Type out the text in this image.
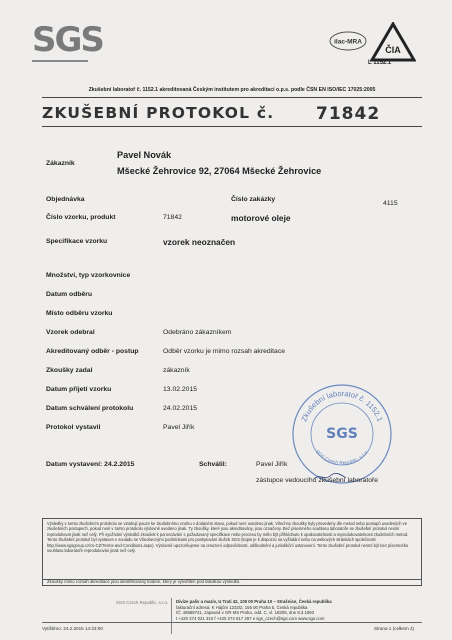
SGS	ilac-MRA
ČIA
L 1152.1
Zkušební laboratoř č. 1152.1 akreditovaná Českým institutem pro akreditaci o.p.s. podle ČSN EN ISO/IEC 17025:2005
ZKUŠEBNÍ PROTOKOL č. 71842
Zákazník
Pavel Novák
Mšecké Žehrovice 92, 27064 Mšecké Žehrovice
Objednávka	Číslo zakázky
4115
Číslo vzorku, produkt	71842	motorové oleje
Specifikace vzorku	vzorek neoznačen
Množství, typ vzorkovnice
Datum odběru
Místo odběru vzorku
Vzorek odebral	Odebráno zákazníkem
Akreditovaný odběr - postup	Odběr vzorku je mimo rozsah akreditace
Zkoušky zadal	zákazník
Datum přijetí vzorku	13.02.2015
Datum schválení protokolu	24.02.2015
Protokol vystavil	Pavel Jiřík
Zkušební laboratoř č. 1152.1
SGS
SGS Czech Republic, s.r.o.
Datum vystavení: 24.2.2015	Schválil:	Pavel Jiřík
zástupce vedoucího zkušební laboratoře
Výsledky v tomto zkušebním protokolu se vztahují pouze ke zkušebnímu vzorku v dodaném stavu, pokud není uvedeno jinak. Všechny zkoušky byly provedeny dle metod nebo postupů uvedených ve zkušebních postupech, pokud není v tomto protokolu výslovně uvedeno jinak. Ty zkoušky, které jsou akreditovány, jsou označeny. Bez písemného souhlasu laboratoře se zkušební protokol nesmí reprodukovat jinak než celý. Při využívání výsledků zkoušek k porovnávání s požadovaný specifikace nebo procesu by mělo být přihlédnuto k opakovatelnosti a reprodukovatelnosti zkušebních metod. Tento zkušební protokol byl vystaven v souladu se Všeobecnými podmínkami pro poskytování služeb SGS (kopie je k dispozici na vyžádání nebo na webových stránkách společnosti http://www.sgsgroup.cz/cs-CZ/Terms-and-Conditions.aspx). Výslovně upozorňujeme na omezení odpovědnosti, odškodnění a jurisdikční ustanovení. Tento zkušební protokol nesmí být bez písemného souhlasu laboratoře reprodukován jinak než celý.
Zkoušky mimo rozsah akreditace jsou identifikovány kódem, který je vysvětlen pod tabulkou výsledků.
SGS Czech Republic, s.r.o. Divize paliv a maziv, U Trati 42, 100 00 Praha 10 – Strašnice, Česká republika
fakturační adresa: K Hájům 1233/2, 155 00 Praha 5, Česká republika
IČ: 48588741, zapsaná v OR MS Praha, odd. C, vl. 18206, dne 8.3.1993
t +420 274 021 310 f +420 274 817 287 e sgs_czech@sgs.com www.sgs.com
Vytištěno: 24.2.2015 14:23:00	Strana 1 (celkem 2)
